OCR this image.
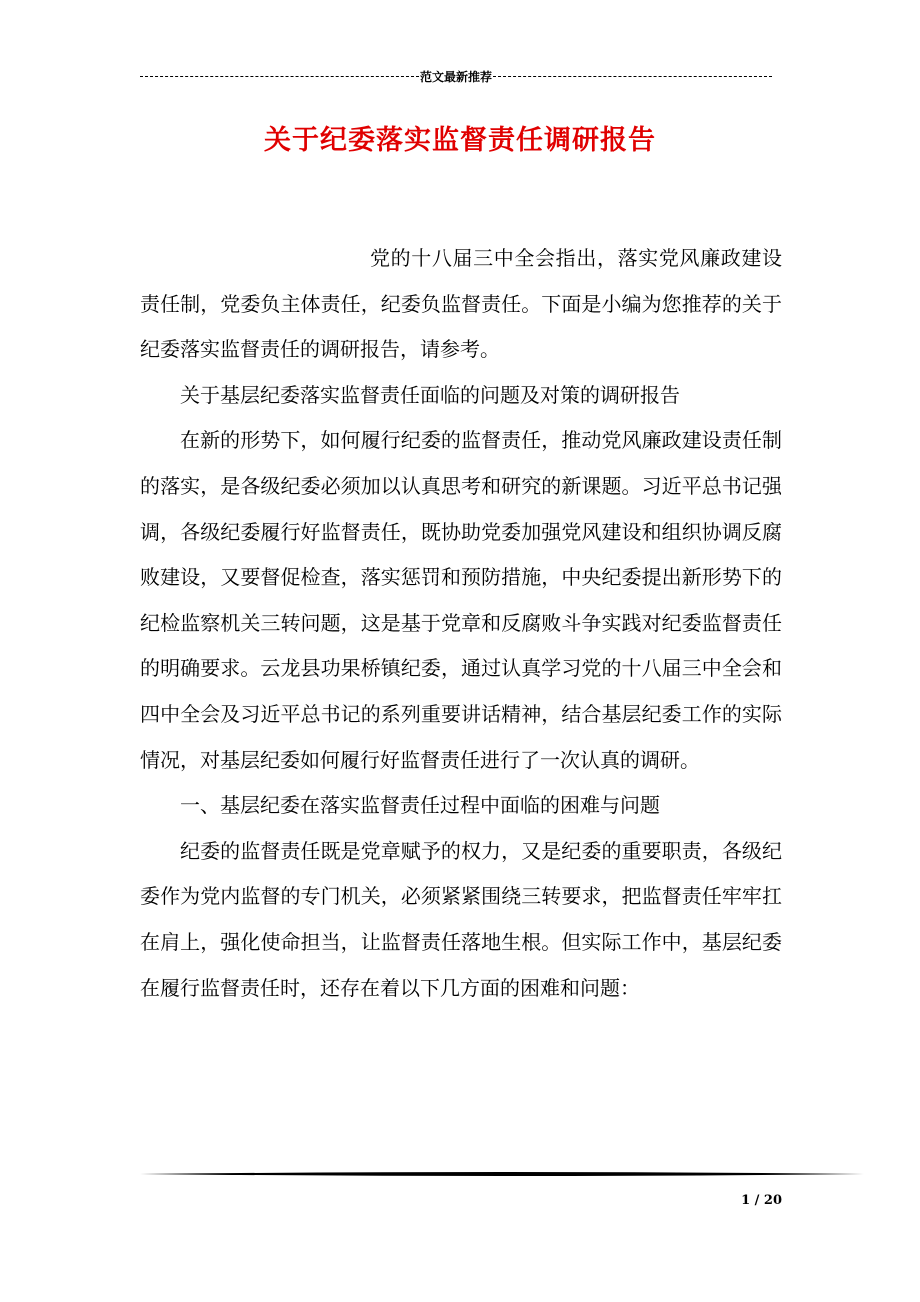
范文最新推荐
关于纪委落实监督责任调研报告

党的十八届三中全会指出，落实党风廉政建设责任制，党委负主体责任，纪委负监督责任。下面是小编为您推荐的关于纪委落实监督责任的调研报告，请参考。

关于基层纪委落实监督责任面临的问题及对策的调研报告

在新的形势下，如何履行纪委的监督责任，推动党风廉政建设责任制的落实，是各级纪委必须加以认真思考和研究的新课题。习近平总书记强调，各级纪委履行好监督责任，既协助党委加强党风建设和组织协调反腐败建设，又要督促检查，落实惩罚和预防措施，中央纪委提出新形势下的纪检监察机关三转问题，这是基于党章和反腐败斗争实践对纪委监督责任的明确要求。云龙县功果桥镇纪委，通过认真学习党的十八届三中全会和四中全会及习近平总书记的系列重要讲话精神，结合基层纪委工作的实际情况，对基层纪委如何履行好监督责任进行了一次认真的调研。

一、基层纪委在落实监督责任过程中面临的困难与问题

纪委的监督责任既是党章赋予的权力，又是纪委的重要职责，各级纪委作为党内监督的专门机关，必须紧紧围绕三转要求，把监督责任牢牢扛在肩上，强化使命担当，让监督责任落地生根。但实际工作中，基层纪委在履行监督责任时，还存在着以下几方面的困难和问题：

1 / 20
